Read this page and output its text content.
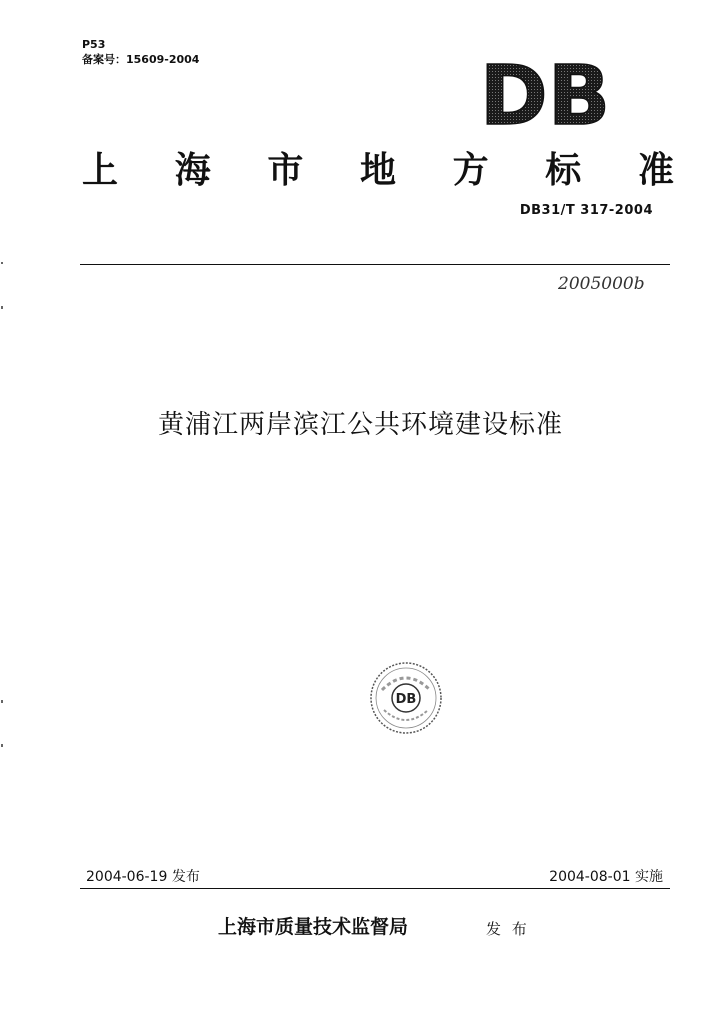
P53
备案号：15609-2004	DB
上 海 市 地 方 标 准
DB31/T 317-2004
2005000b
黄浦江两岸滨江公共环境建设标准
DB
2004-06-19 发布	2004-08-01 实施
上海市质量技术监督局	发 布
